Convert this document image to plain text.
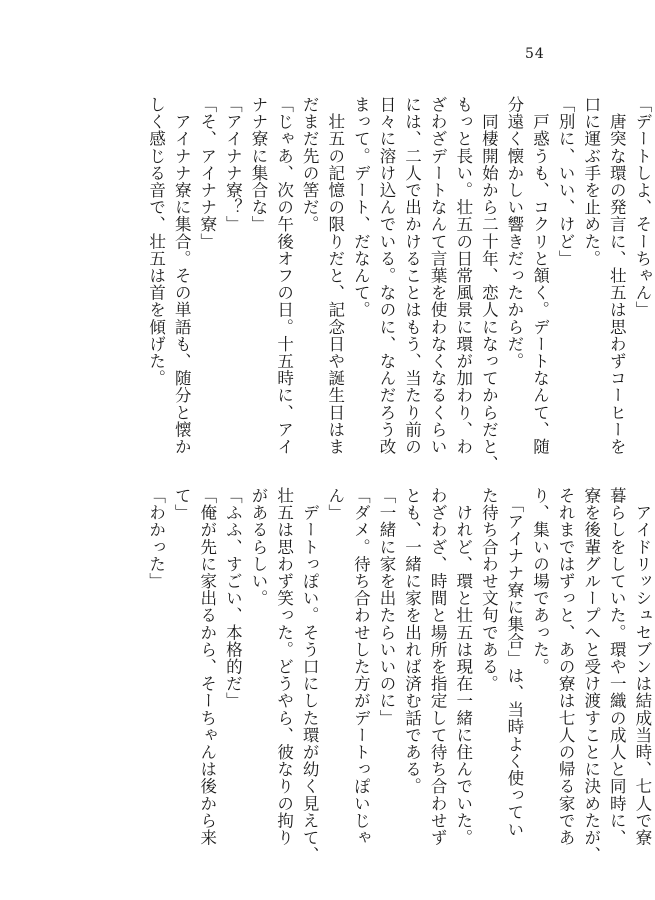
54
「デートしよ、そーちゃん」
　唐突な環の発言に、壮五は思わずコーヒーを
口に運ぶ手を止めた。
「別に、いい、けど」
　戸惑うも、コクリと頷く。デートなんて、随
分遠く懐かしい響きだったからだ。
　同棲開始から二十年、恋人になってからだと、
もっと長い。壮五の日常風景に環が加わり、わ
ざわざデートなんて言葉を使わなくなるくらい
には、二人で出かけることはもう、当たり前の
日々に溶け込んでいる。なのに、なんだろう改
まって。デート、だなんて。
　壮五の記憶の限りだと、記念日や誕生日はま
だまだ先の筈だ。
「じゃあ、次の午後オフの日。十五時に、アイ
ナナ寮に集合な」
「アイナナ寮？」
「そ、アイナナ寮」
　アイナナ寮に集合。その単語も、随分と懐か
しく感じる音で、壮五は首を傾げた。
　アイドリッシュセブンは結成当時、七人で寮
暮らしをしていた。環や一織の成人と同時に、
寮を後輩グループへと受け渡すことに決めたが、
それまではずっと、あの寮は七人の帰る家であ
り、集いの場であった。
　「アイナナ寮に集合」は、当時よく使ってい
た待ち合わせ文句である。
　けれど、環と壮五は現在一緒に住んでいた。
わざわざ、時間と場所を指定して待ち合わせず
とも、一緒に家を出れば済む話である。
「一緒に家を出たらいいのに」
「ダメ。待ち合わせした方がデートっぽいじゃ
ん」
　デートっぽい。そう口にした環が幼く見えて、
壮五は思わず笑った。どうやら、彼なりの拘り
があるらしい。
「ふふ、すごい、本格的だ」
「俺が先に家出るから、そーちゃんは後から来
て」
「わかった」
